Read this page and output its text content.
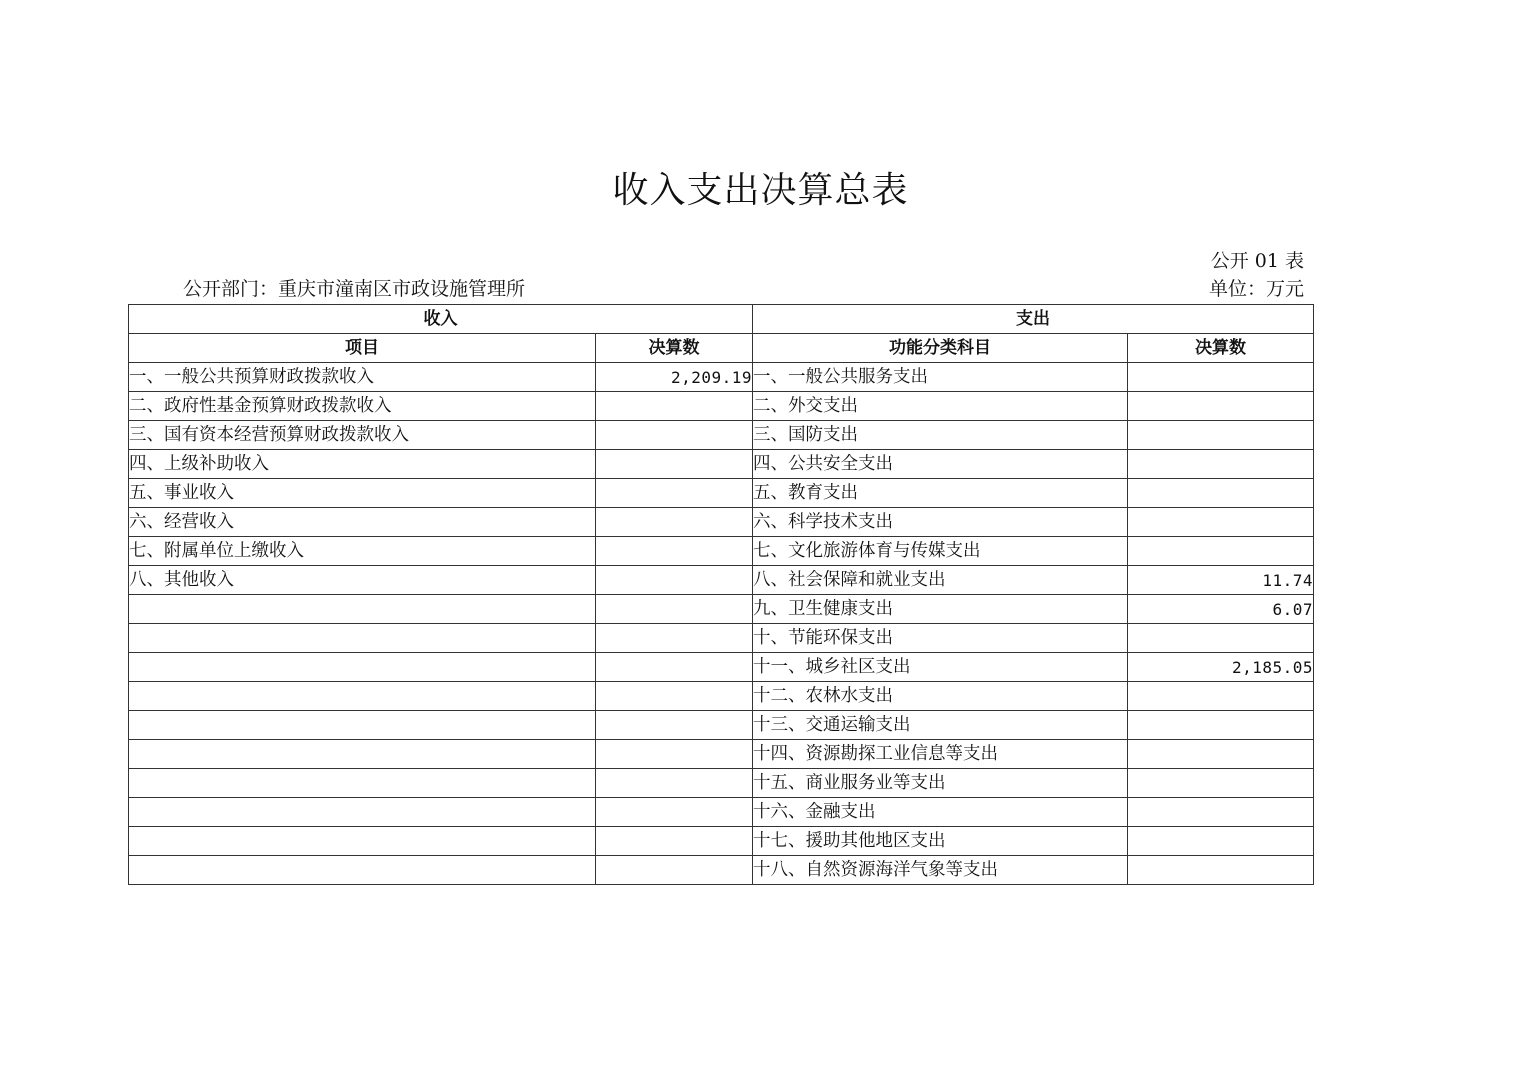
收入支出决算总表
公开 01 表
公开部门：重庆市潼南区市政设施管理所	单位：万元
收入		支出	
项目	决算数	功能分类科目	决算数
一、一般公共预算财政拨款收入	2,209.19	一、一般公共服务支出	
二、政府性基金预算财政拨款收入		二、外交支出	
三、国有资本经营预算财政拨款收入		三、国防支出	
四、上级补助收入		四、公共安全支出	
五、事业收入		五、教育支出	
六、经营收入		六、科学技术支出	
七、附属单位上缴收入		七、文化旅游体育与传媒支出	
八、其他收入		八、社会保障和就业支出	11.74
		九、卫生健康支出	6.07
		十、节能环保支出	
		十一、城乡社区支出	2,185.05
		十二、农林水支出	
		十三、交通运输支出	
		十四、资源勘探工业信息等支出	
		十五、商业服务业等支出	
		十六、金融支出	
		十七、援助其他地区支出	
		十八、自然资源海洋气象等支出	
